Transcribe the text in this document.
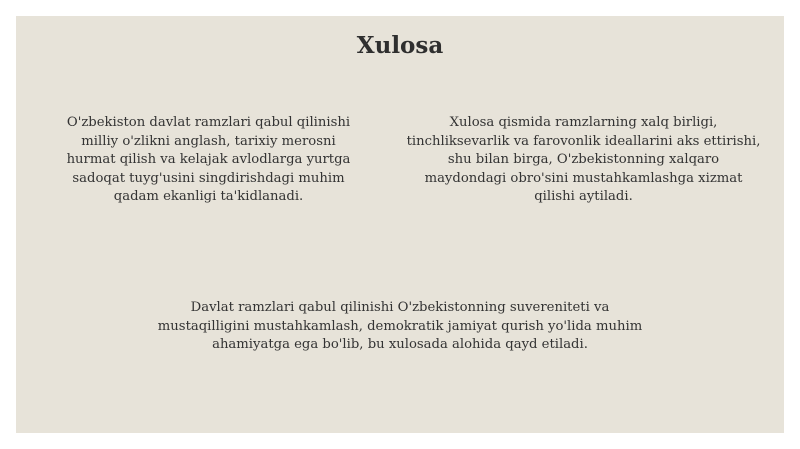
Xulosa
O'zbekiston davlat ramzlari qabul qilinishi milliy o'zlikni anglash, tarixiy merosni hurmat qilish va kelajak avlodlarga yurtga sadoqat tuyg'usini singdirishdagi muhim qadam ekanligi ta'kidlanadi.
Xulosa qismida ramzlarning xalq birligi, tinchliksevarlik va farovonlik ideallarini aks ettirishi, shu bilan birga, O'zbekistonning xalqaro maydondagi obro'sini mustahkamlashga xizmat qilishi aytiladi.
Davlat ramzlari qabul qilinishi O'zbekistonning suvereniteti va mustaqilligini mustahkamlash, demokratik jamiyat qurish yo'lida muhim ahamiyatga ega bo'lib, bu xulosada alohida qayd etiladi.
